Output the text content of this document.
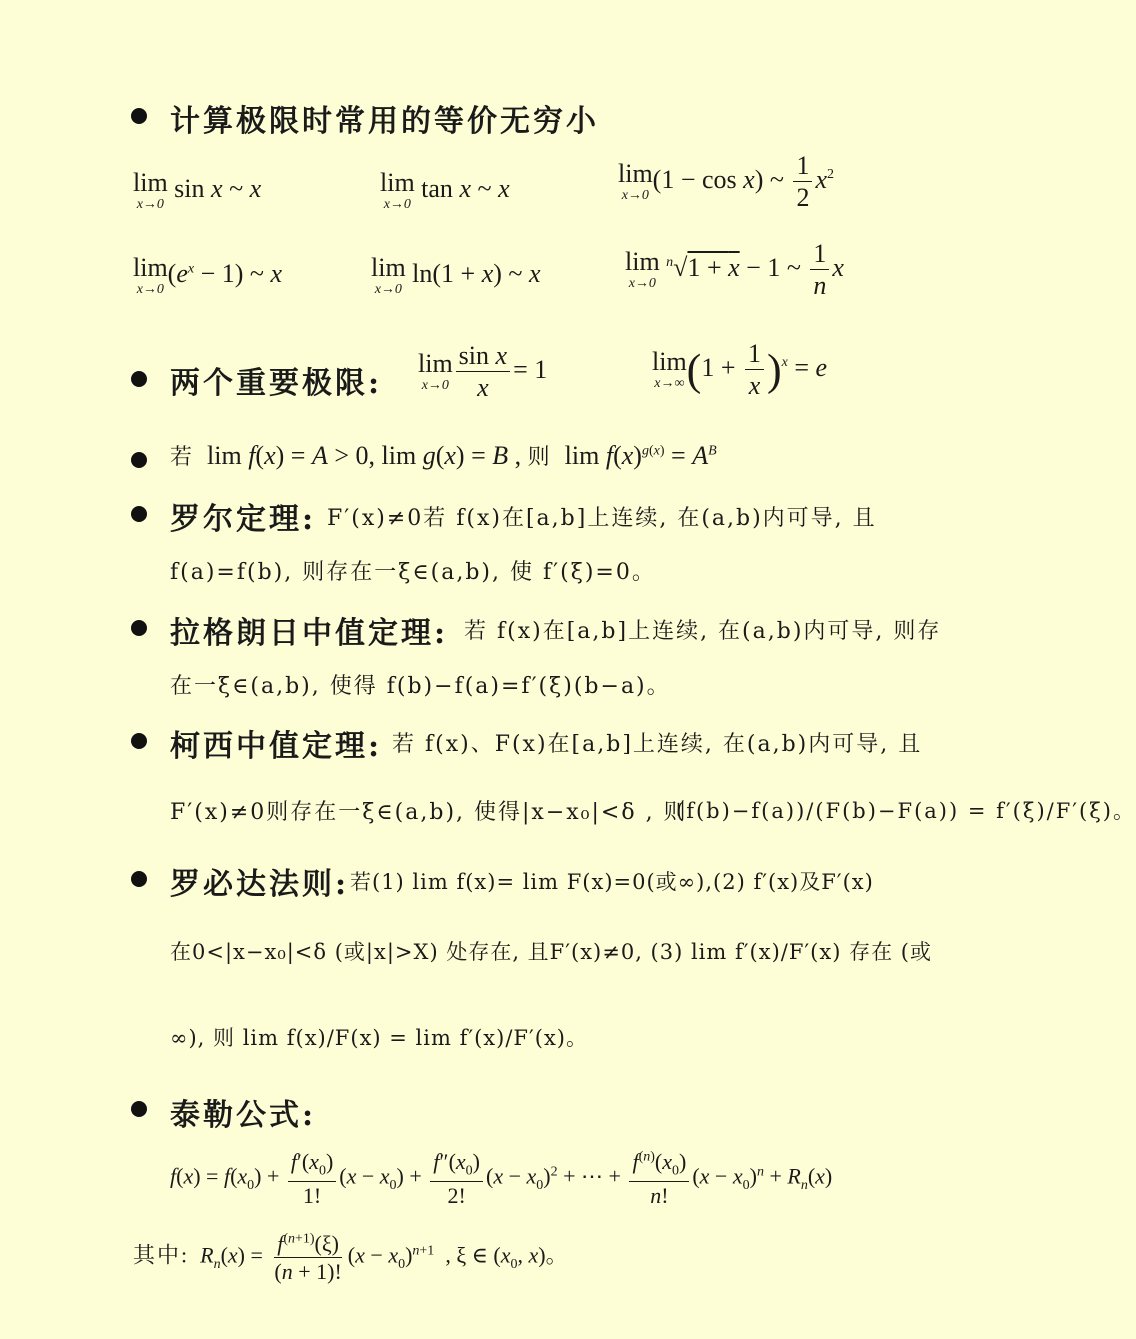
计算极限时常用的等价无穷小
lim
x→0
sin x ~ x	lim
x→0
tan x ~ x
lim
x→0
(1 − cos x) ~ $\frac{1}{2} x^2$
lim
x→0
$(e^x - 1)$ ~ x	lim
x→0
ln(1 + x) ~ x	lim
x→0
$^n$√1 + x − 1 ~ $\frac{1}{n}$ x
两个重要极限:
lim
$x\to 0 \frac{\text{sin x}}{x} = 1$	lim
x→∞ $(1 + \frac{1}{x} )^x = e$
若  lim f(x) = A > 0, lim g(x) = B , 则  $\lim f(x)^{g(x)} = A^B$
罗尔定理: F′(x)≠0若 f(x)在[a,b]上连续, 在(a,b)内可导, 且
f(a)=f(b), 则存在一ξ∈(a,b), 使 f′(ξ)=0。
拉格朗日中值定理: 若 f(x)在[a,b]上连续, 在(a,b)内可导, 则存
在一ξ∈(a,b), 使得 f(b)−f(a)=f′(ξ)(b−a)。
柯西中值定理: 若 f(x)、F(x)在[a,b]上连续, 在(a,b)内可导, 且
F′(x)≠0则存在一ξ∈(a,b), 使得|x−x₀|<δ , 则
(f(b)−f(a))/(F(b)−F(a)) = f′(ξ)/F′(ξ)。
罗必达法则: 若(1) lim f(x)= lim F(x)=0(或∞),(2) f′(x)及F′(x)
在0<|x−x₀|<δ (或|x|>X) 处存在, 且F′(x)≠0, (3) lim f′(x)/F′(x) 存在 (或
∞), 则 lim f(x)/F(x) = lim f′(x)/F′(x)。
泰勒公式:
$f(x) = f(x_0) + \frac{f'(x_0)}{1!} (x - x_0) + \frac{f''(x_0)}{2!} (x - x_0)^2$ + ⋯ + $\frac{f^{(n)}(x_0)}{n!} (x - x_0)^n + R_n(x)$
其中: $R_n(x) = \frac{f^{(n+1)}(\xi)}{(n + 1)!} (x - x_0)^{n+1}$  , ξ ∈ ($x_0$, x)。
